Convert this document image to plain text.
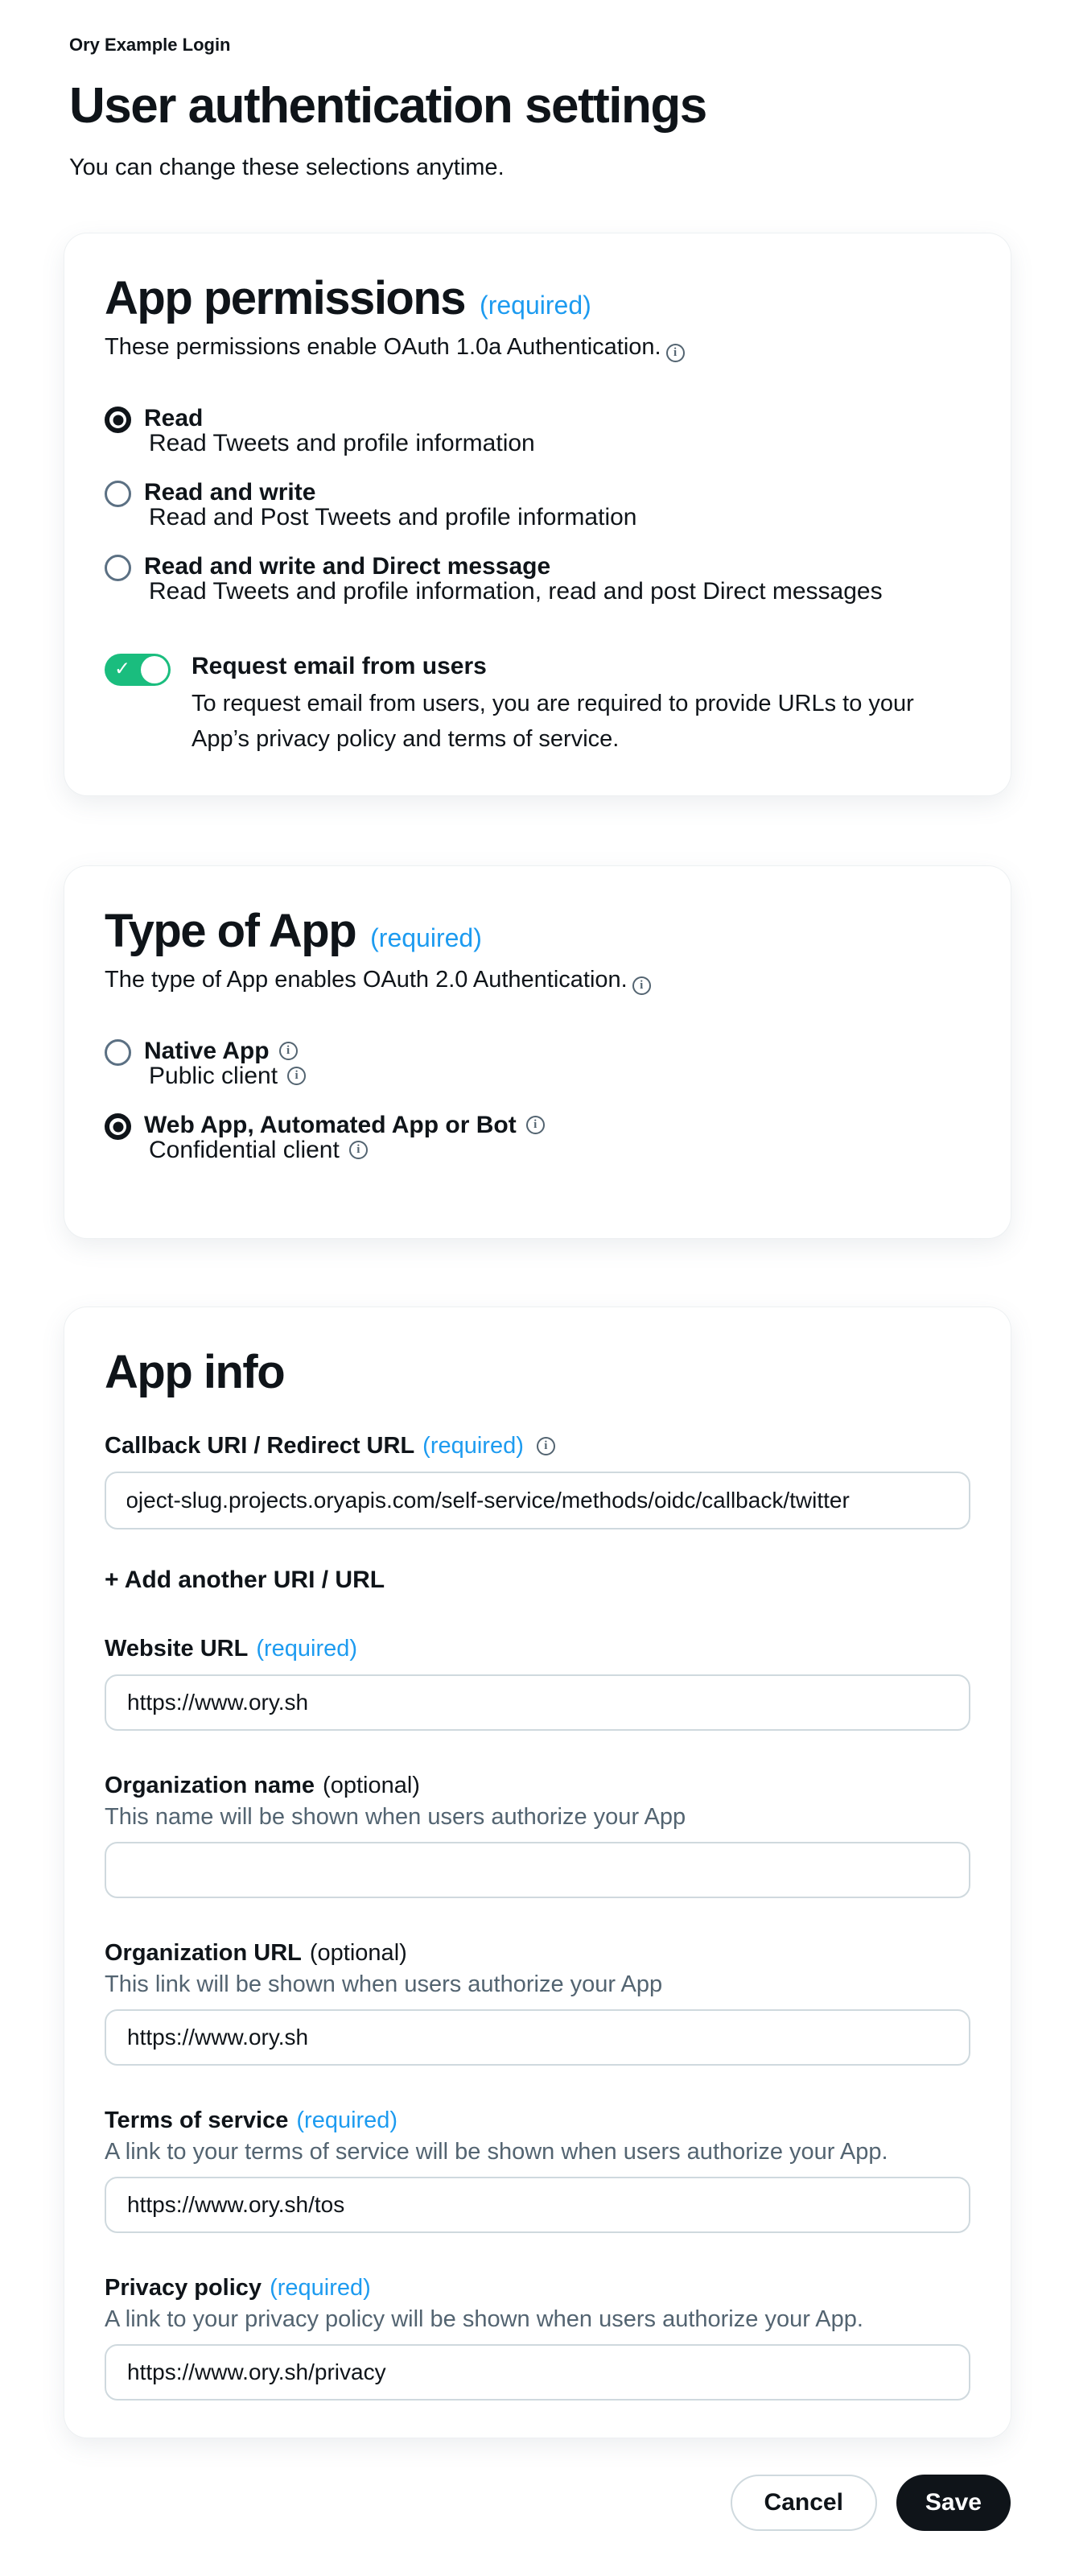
Ory Example Login
User authentication settings
You can change these selections anytime.
App permissions (required)
These permissions enable OAuth 1.0a Authentication. i
Read
Read Tweets and profile information
Read and write
Read and Post Tweets and profile information
Read and write and Direct message
Read Tweets and profile information, read and post Direct messages
✓	Request email from users
To request email from users, you are required to provide URLs to your App’s privacy policy and terms of service.
Type of App (required)
The type of App enables OAuth 2.0 Authentication. i
Native App	i
Public client	i
Web App, Automated App or Bot	i
Confidential client	i
App info
Callback URI / Redirect URL (required)	i
roject-slug.projects.oryapis.com/self-service/methods/oidc/callback/twitter
+ Add another URI / URL
Website URL (required)
https://www.ory.sh
Organization name (optional)
This name will be shown when users authorize your App
Organization URL (optional)
This link will be shown when users authorize your App
https://www.ory.sh
Terms of service (required)
A link to your terms of service will be shown when users authorize your App.
https://www.ory.sh/tos
Privacy policy (required)
A link to your privacy policy will be shown when users authorize your App.
https://www.ory.sh/privacy
Cancel	Save
